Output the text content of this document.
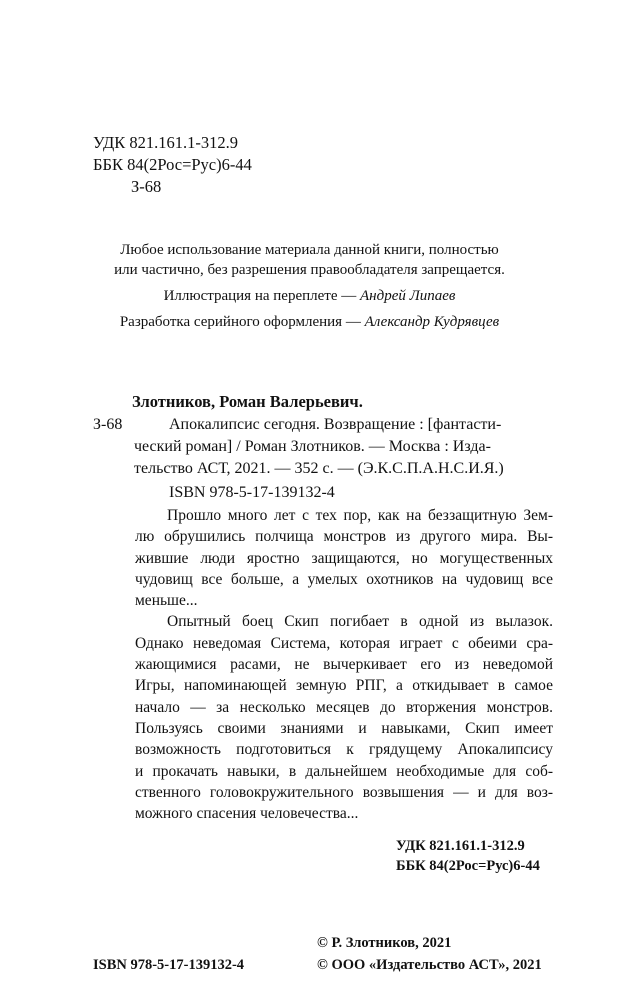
УДК 821.161.1-312.9
ББК 84(2Рос=Рус)6-44
З-68
Любое использование материала данной книги, полностью
или частично, без разрешения правообладателя запрещается.
Иллюстрация на переплете — Андрей Липаев
Разработка серийного оформления — Александр Кудрявцев
Злотников, Роман Валерьевич.
З-68	Апокалипсис сегодня. Возвращение : [фантасти-
ческий роман] / Роман Злотников. — Москва : Изда-
тельство АСТ, 2021. — 352 с. — (Э.К.С.П.А.Н.С.И.Я.)
ISBN 978-5-17-139132-4
Прошло много лет с тех пор, как на беззащитную Зем-
лю обрушились полчища монстров из другого мира. Вы-
жившие люди яростно защищаются, но могущественных
чудовищ все больше, а умелых охотников на чудовищ все
меньше...
Опытный боец Скип погибает в одной из вылазок.
Однако неведомая Система, которая играет с обеими сра-
жающимися расами, не вычеркивает его из неведомой
Игры, напоминающей земную РПГ, а откидывает в самое
начало — за несколько месяцев до вторжения монстров.
Пользуясь своими знаниями и навыками, Скип имеет
возможность подготовиться к грядущему Апокалипсису
и прокачать навыки, в дальнейшем необходимые для соб-
ственного головокружительного возвышения — и для воз-
можного спасения человечества...
УДК 821.161.1-312.9
ББК 84(2Рос=Рус)6-44
© Р. Злотников, 2021
ISBN 978-5-17-139132-4	© ООО «Издательство АСТ», 2021
